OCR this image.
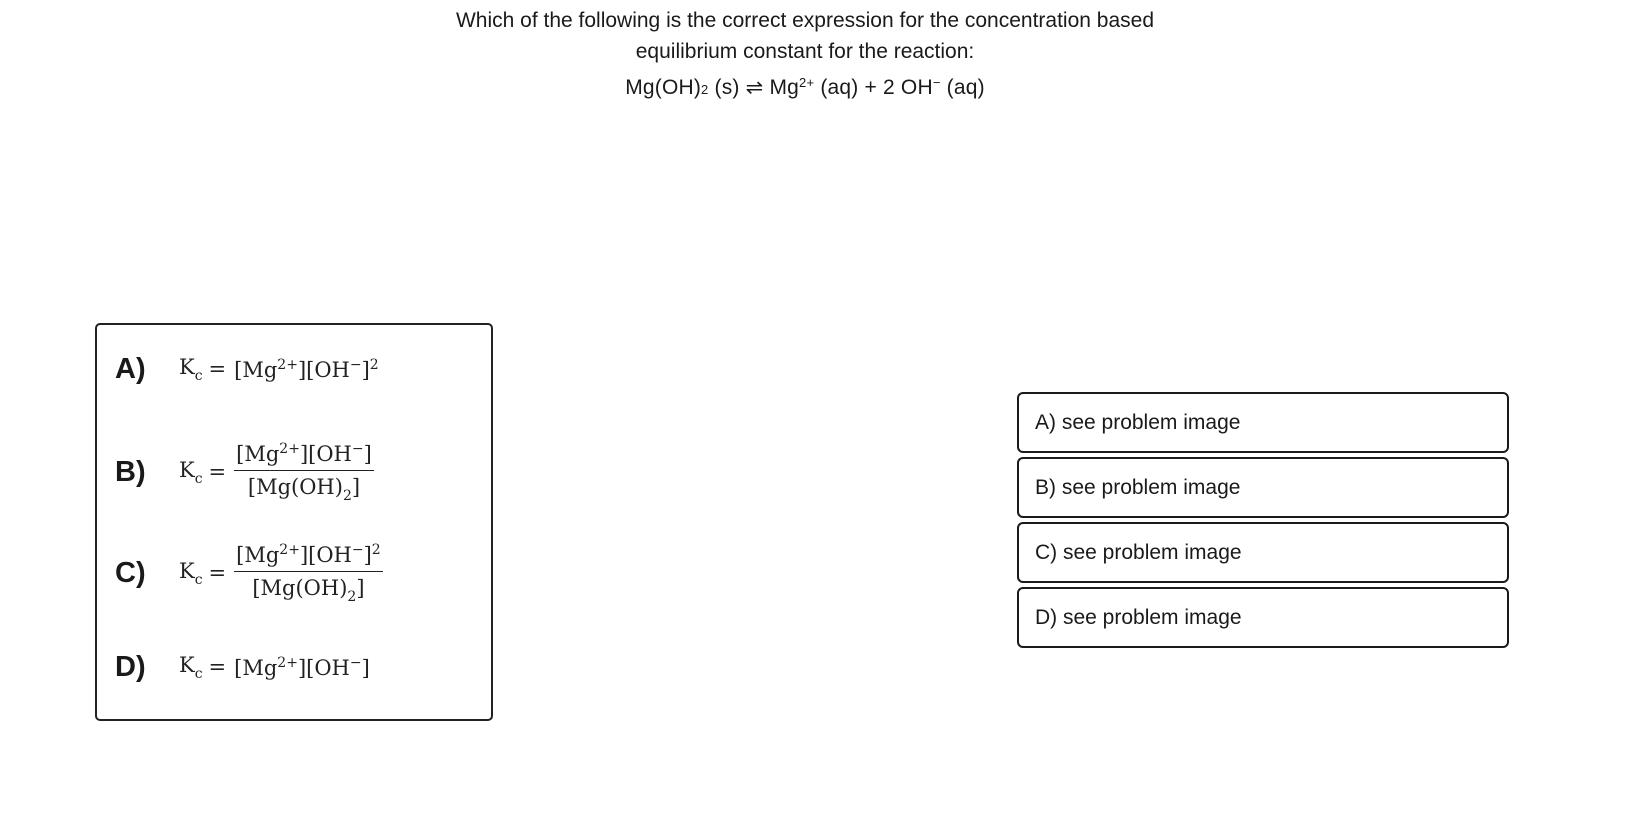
Which of the following is the correct expression for the concentration based
equilibrium constant for the reaction:
Mg(OH)2 (s) ⇌ $Mg^{2+}$ (aq) + 2 OH− (aq)
A)	$K_c = [Mg^{2+}][OH^-]^2$
B)	$K_c = \frac{[Mg^{2+}][OH^-]}{[Mg(OH)_2]}$
C)	$K_c = \frac{[Mg^{2+}][OH^-]^2}{[Mg(OH)_2]}$
D)	$K_c = [Mg^{2+}][OH^-]$
A) see problem image
B) see problem image
C) see problem image
D) see problem image
